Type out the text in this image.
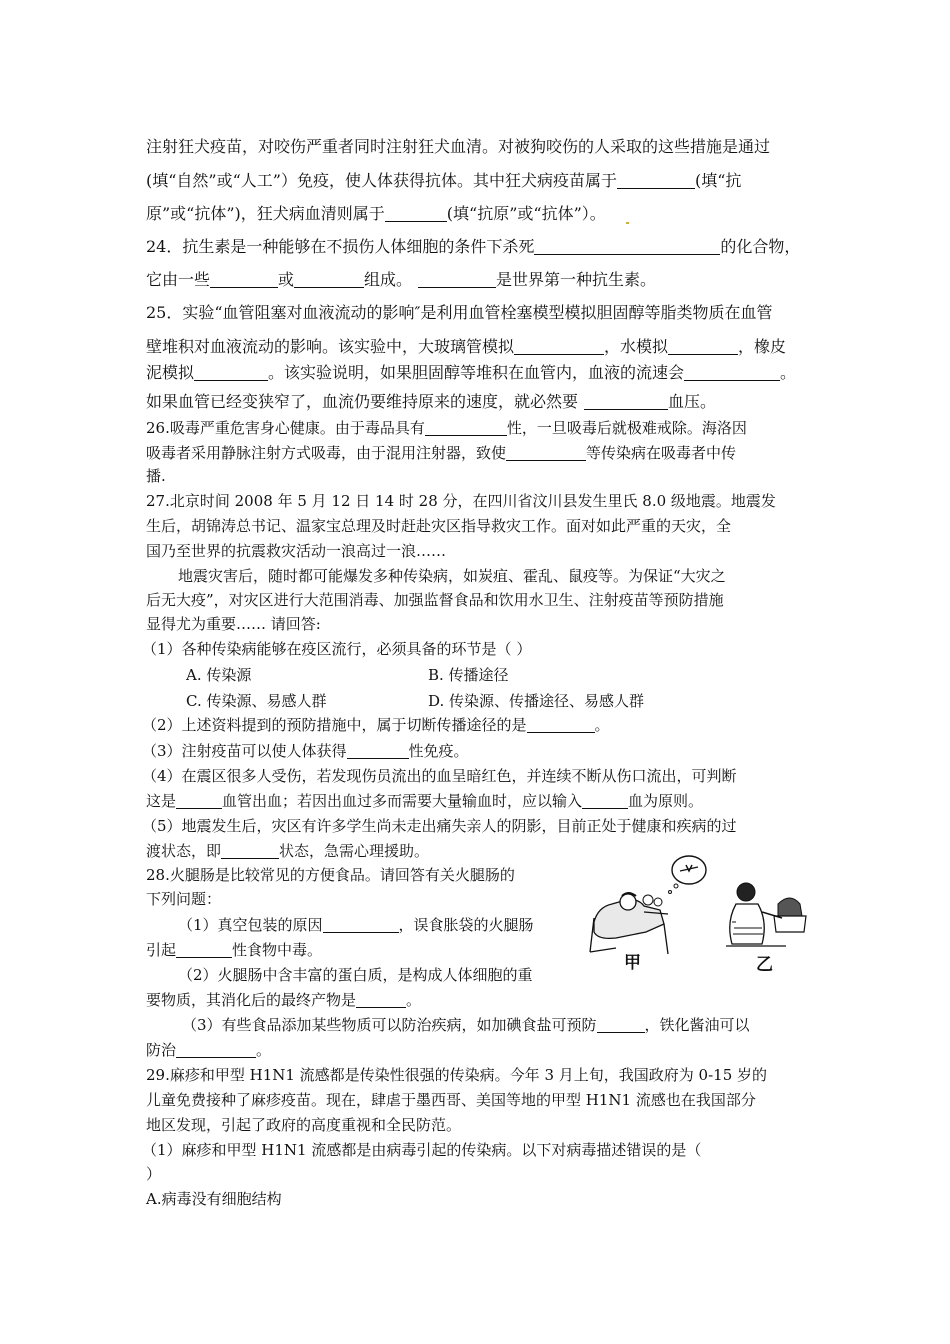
注射狂犬疫苗，对咬伤严重者同时注射狂犬血清。对被狗咬伤的人采取的这些措施是通过
(填“自然”或“人工”）免疫，使人体获得抗体。其中狂犬病疫苗属于	(填“抗
原”或“抗体”)，狂犬病血清则属于	(填“抗原”或“抗体”）。
24．抗生素是一种能够在不损伤人体细胞的条件下杀死	的化合物，
它由一些	或	组成。	是世界第一种抗生素。
25．实验“血管阻塞对血液流动的影响″是利用血管栓塞模型模拟胆固醇等脂类物质在血管
壁堆积对血液流动的影响。该实验中，大玻璃管模拟	，水模拟	，橡皮
泥模拟	。该实验说明，如果胆固醇等堆积在血管内，血液的流速会	。
如果血管已经变狭窄了，血流仍要维持原来的速度，就必然要	血压。
26.吸毒严重危害身心健康。由于毒品具有	性，一旦吸毒后就极难戒除。海洛因
吸毒者采用静脉注射方式吸毒，由于混用注射器，致使	等传染病在吸毒者中传
播.
27.北京时间 2008 年 5 月 12 日 14 时 28 分，在四川省汶川县发生里氏 8.0 级地震。地震发
生后，胡锦涛总书记、温家宝总理及时赶赴灾区指导救灾工作。面对如此严重的天灾，全
国乃至世界的抗震救灾活动一浪高过一浪……
地震灾害后，随时都可能爆发多种传染病，如炭疽、霍乱、鼠疫等。为保证“大灾之
后无大疫”，对灾区进行大范围消毒、加强监督食品和饮用水卫生、注射疫苗等预防措施
显得尤为重要…… 请回答:
（1）各种传染病能够在疫区流行，必须具备的环节是（ ）
A. 传染源	B. 传播途径
C. 传染源、易感人群	D. 传染源、传播途径、易感人群
（2）上述资料提到的预防措施中，属于切断传播途径的是	。
（3）注射疫苗可以使人体获得	性免疫。
（4）在震区很多人受伤，若发现伤员流出的血呈暗红色，并连续不断从伤口流出，可判断
这是	血管出血；若因出血过多而需要大量输血时，应以输入	血为原则。
（5）地震发生后，灾区有许多学生尚未走出痛失亲人的阴影，目前正处于健康和疾病的过
渡状态，即	状态，急需心理援助。
28.火腿肠是比较常见的方便食品。请回答有关火腿肠的
下列问题：
（1）真空包装的原因	，误食胀袋的火腿肠
引起	性食物中毒。
（2）火腿肠中含丰富的蛋白质，是构成人体细胞的重
要物质，其消化后的最终产物是	。
（3）有些食品添加某些物质可以防治疾病，如加碘食盐可预防	，铁化酱油可以
防治	。
甲	乙
29.麻疹和甲型 H1N1 流感都是传染性很强的传染病。今年 3 月上旬，我国政府为 0-15 岁的
儿童免费接种了麻疹疫苗。现在，肆虐于墨西哥、美国等地的甲型 H1N1 流感也在我国部分
地区发现，引起了政府的高度重视和全民防范。
（1）麻疹和甲型 H1N1 流感都是由病毒引起的传染病。以下对病毒描述错误的是（
）
A.病毒没有细胞结构
